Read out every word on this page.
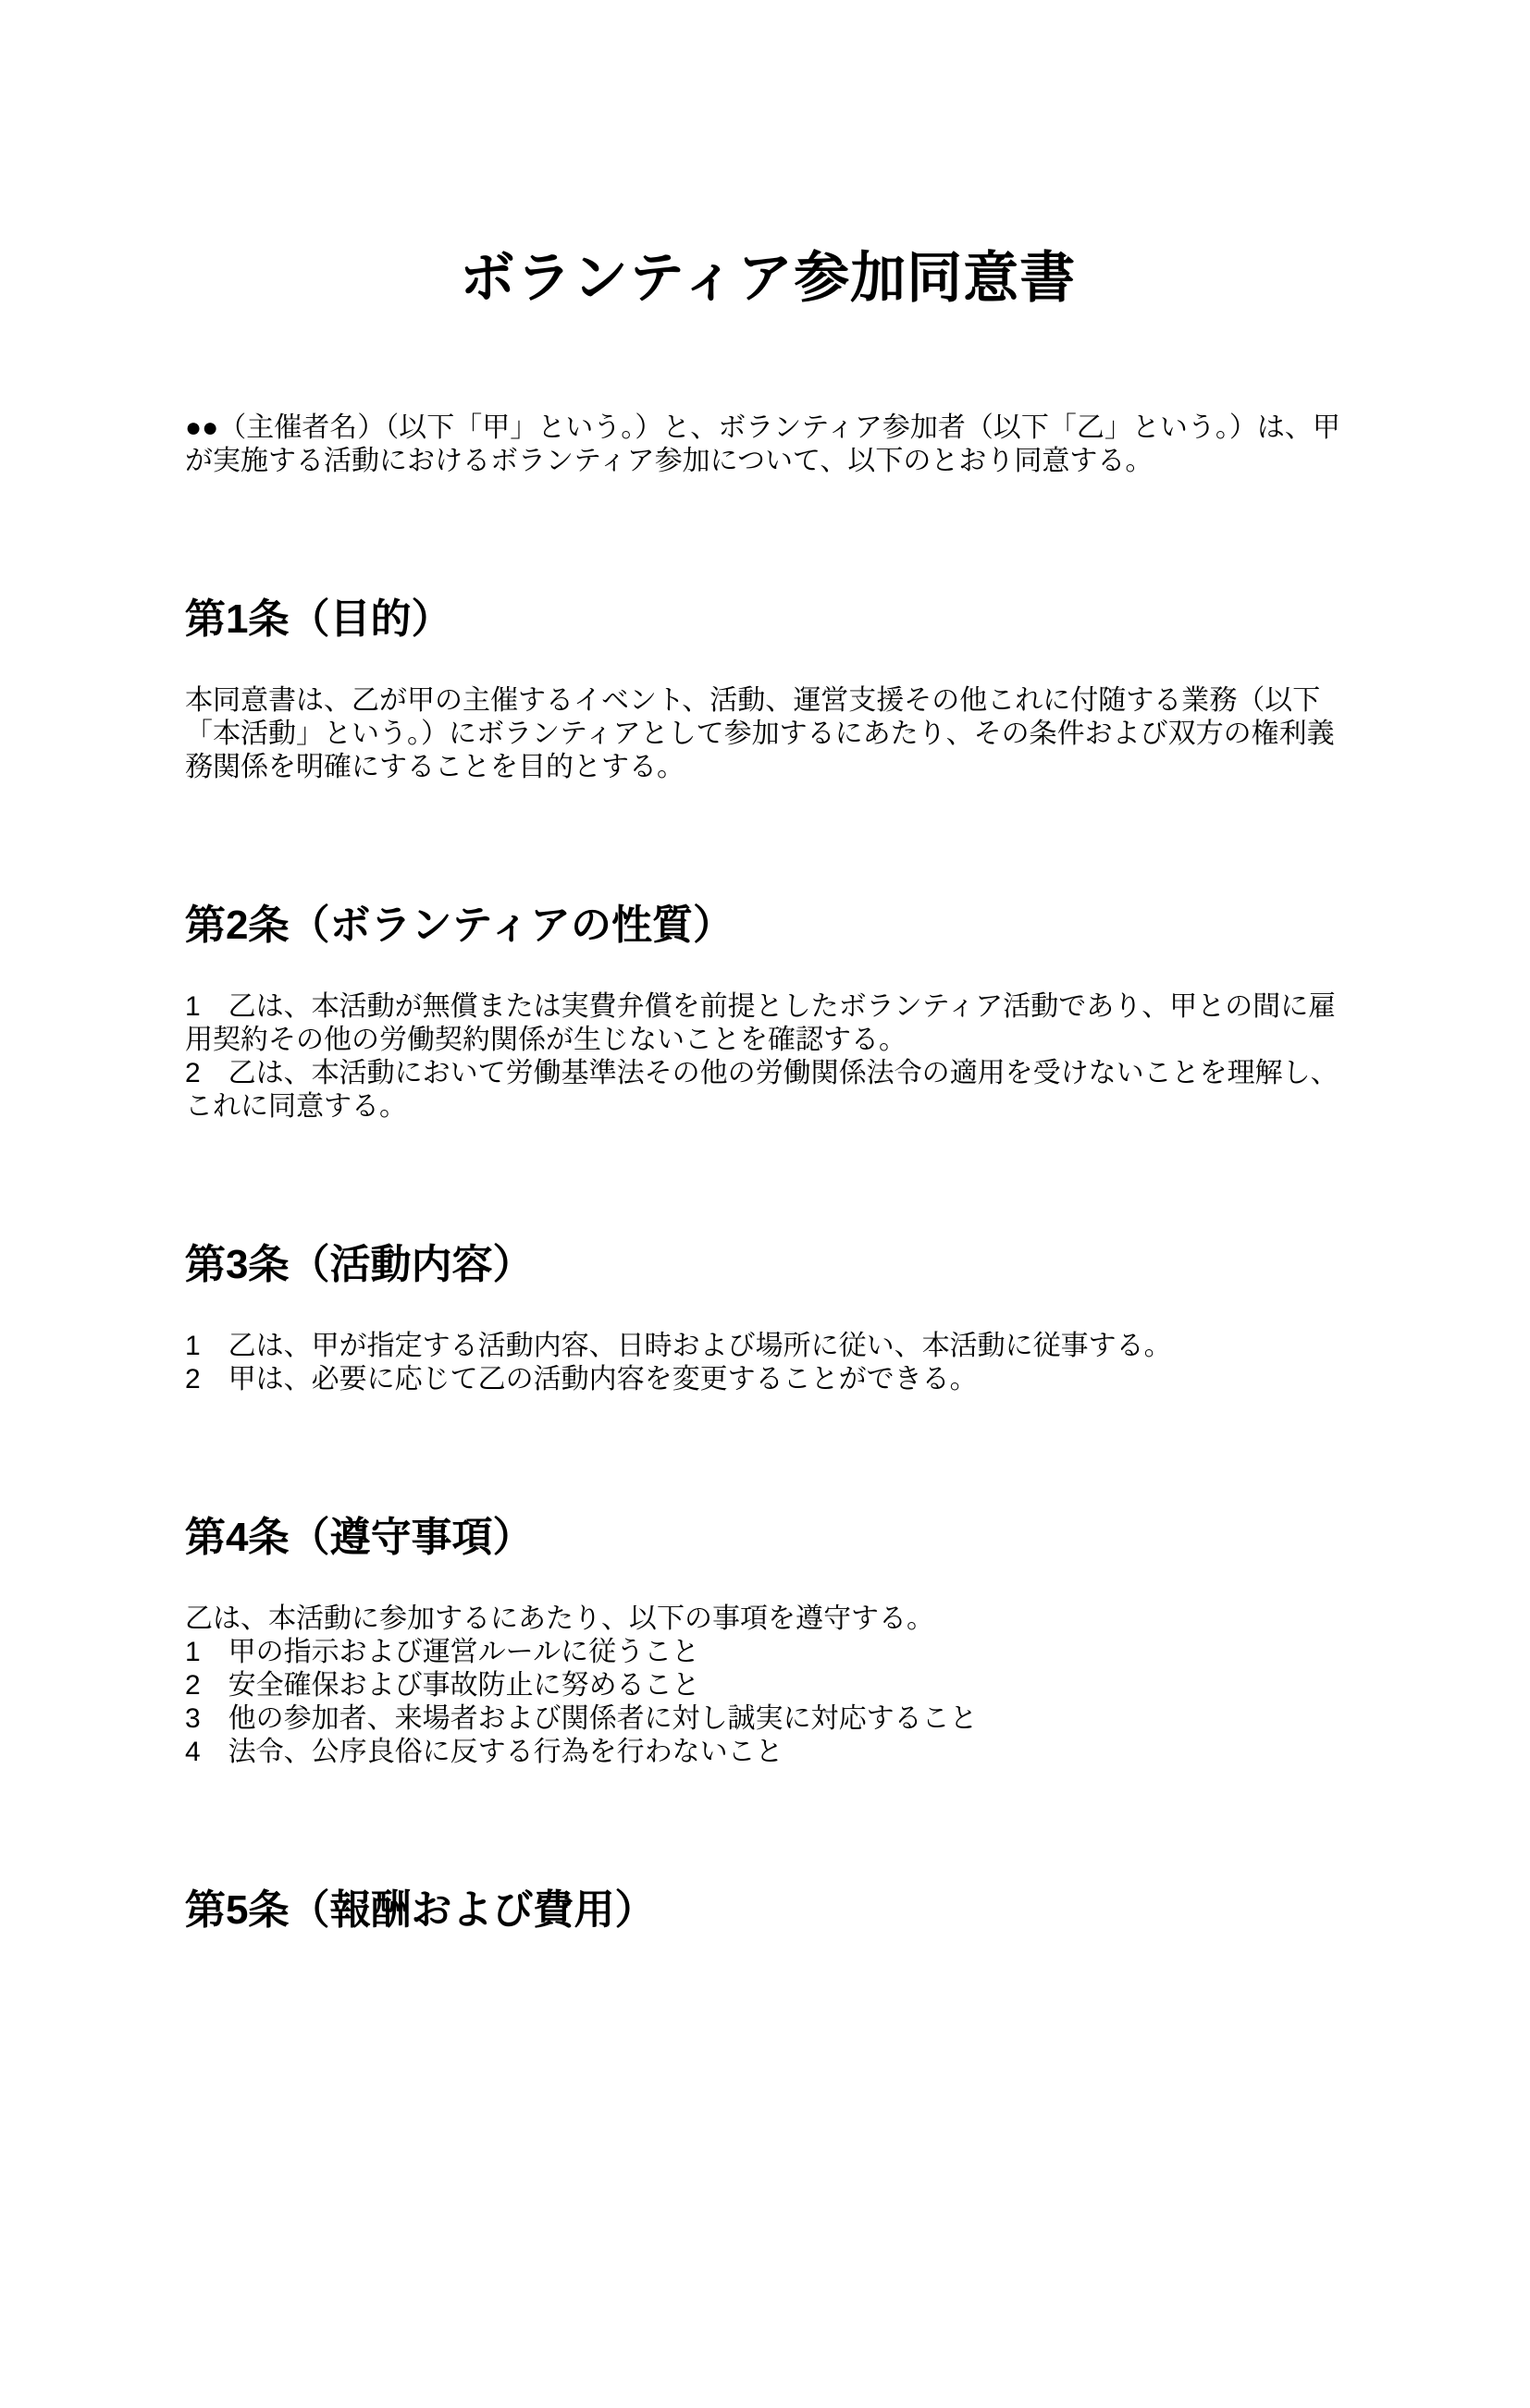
ボランティア参加同意書

●●（主催者名）（以下「甲」という。）と、ボランティア参加者（以下「乙」という。）は、甲が実施する活動におけるボランティア参加について、以下のとおり同意する。

第1条（目的）

本同意書は、乙が甲の主催するイベント、活動、運営支援その他これに付随する業務（以下「本活動」という。）にボランティアとして参加するにあたり、その条件および双方の権利義務関係を明確にすることを目的とする。

第2条（ボランティアの性質）

1　乙は、本活動が無償または実費弁償を前提としたボランティア活動であり、甲との間に雇用契約その他の労働契約関係が生じないことを確認する。

2　乙は、本活動において労働基準法その他の労働関係法令の適用を受けないことを理解し、これに同意する。

第3条（活動内容）

1　乙は、甲が指定する活動内容、日時および場所に従い、本活動に従事する。

2　甲は、必要に応じて乙の活動内容を変更することができる。

第4条（遵守事項）

乙は、本活動に参加するにあたり、以下の事項を遵守する。

1　甲の指示および運営ルールに従うこと

2　安全確保および事故防止に努めること

3　他の参加者、来場者および関係者に対し誠実に対応すること

4　法令、公序良俗に反する行為を行わないこと

第5条（報酬および費用）
